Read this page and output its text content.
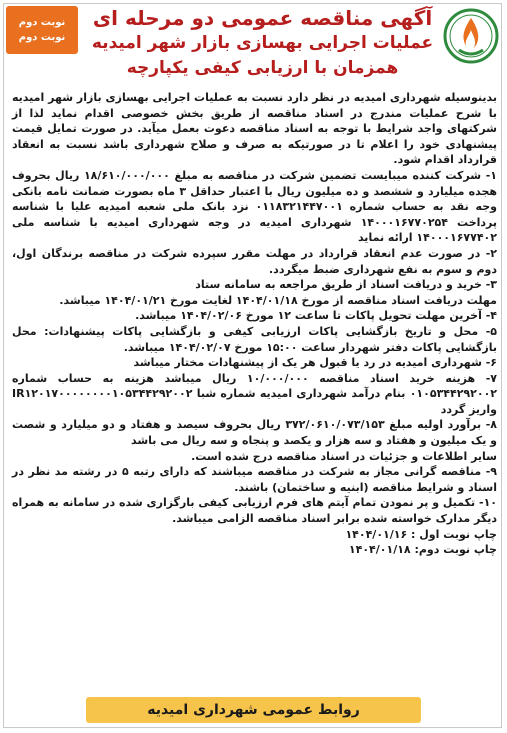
نوبت دوم
نوبت دوم
آگهی مناقصه عمومی دو مرحله ای
عملیات اجرایی بهسازی بازار شهر امیدیه
همزمان با ارزیابی کیفی یکپارچه

بدینوسیله شهرداری امیدیه در نظر دارد نسبت به عملیات اجرایی بهسازی بازار شهر امیدیه با شرح عملیات مندرج در اسناد مناقصه از طریق بخش خصوصی اقدام نماید لذا از شرکتهای واجد شرایط با توجه به اسناد مناقصه دعوت بعمل میآید. در صورت تمایل قیمت پیشنهادی خود را اعلام تا در صورتیکه به صرف و صلاح شهرداری باشد نسبت به انعقاد قرارداد اقدام شود.

۱- شرکت کننده میبایست تضمین شرکت در مناقصه به مبلغ ۱۸/۶۱۰/۰۰۰/۰۰۰ ریال بحروف هجده میلیارد و ششصد و ده میلیون ریال با اعتبار حداقل ۳ ماه بصورت ضمانت نامه بانکی وجه نقد به حساب شماره ۰۱۱۸۳۲۱۴۴۷۰۰۱ نزد بانک ملی شعبه امیدیه علیا با شناسه پرداخت ۱۴۰۰۰۱۶۷۷۰۲۵۴ شهرداری امیدیه در وجه شهرداری امیدیه با شناسه ملی ۱۴۰۰۰۱۶۷۷۴۰۲ ارائه نماید

۲- در صورت عدم انعقاد قرارداد در مهلت مقرر سپرده شرکت در مناقصه برندگان اول، دوم و سوم به نفع شهرداری ضبط میگردد.

۳- خرید و دریافت اسناد از طریق مراجعه به سامانه ستاد

مهلت دریافت اسناد مناقصه از مورخ ۱۴۰۴/۰۱/۱۸ لغایت مورخ ۱۴۰۴/۰۱/۲۱ میباشد.

۴- آخرین مهلت تحویل پاکات تا ساعت ۱۲ مورخ ۱۴۰۴/۰۲/۰۶ میباشد.

۵- محل و تاریخ بازگشایی پاکات ارزیابی کیفی و بازگشایی پاکات پیشنهادات: محل بازگشایی پاکات دفتر شهردار ساعت ۱۵:۰۰ مورخ ۱۴۰۴/۰۲/۰۷ میباشد.

۶- شهرداری امیدیه در رد یا قبول هر یک از پیشنهادات مختار میباشد

۷- هزینه خرید اسناد مناقصه ۱۰/۰۰۰/۰۰۰ ریال میباشد هزینه به حساب شماره ۰۱۰۵۳۴۴۲۹۲۰۰۲ بنام درآمد شهرداری امیدیه شماره شبا IR۱۲۰۱۷۰۰۰۰۰۰۰۰۱۰۵۳۴۴۲۹۲۰۰۲ واریز گردد

۸- برآورد اولیه مبلغ ۳۷۲/۰۶۱۰/۰۷۳/۱۵۳ ریال بحروف سیصد و هفتاد و دو میلیارد و شصت و یک میلیون و هفتاد و سه هزار و یکصد و پنجاه و سه ریال می باشد

سایر اطلاعات و جزئیات در اسناد مناقصه درج شده است.

۹- مناقصه گرانی مجاز به شرکت در مناقصه میباشند که دارای رتبه ۵ در رشته مد نظر در اسناد و شرایط مناقصه (ابنیه و ساختمان) باشند.

۱۰- تکمیل و پر نمودن تمام آیتم های فرم ارزیابی کیفی بارگزاری شده در سامانه به همراه دیگر مدارک خواسته شده برابر اسناد مناقصه الزامی میباشد.

چاپ نوبت اول : ۱۴۰۴/۰۱/۱۶

چاپ نوبت دوم: ۱۴۰۴/۰۱/۱۸

روابط عمومی شهرداری امیدیه
